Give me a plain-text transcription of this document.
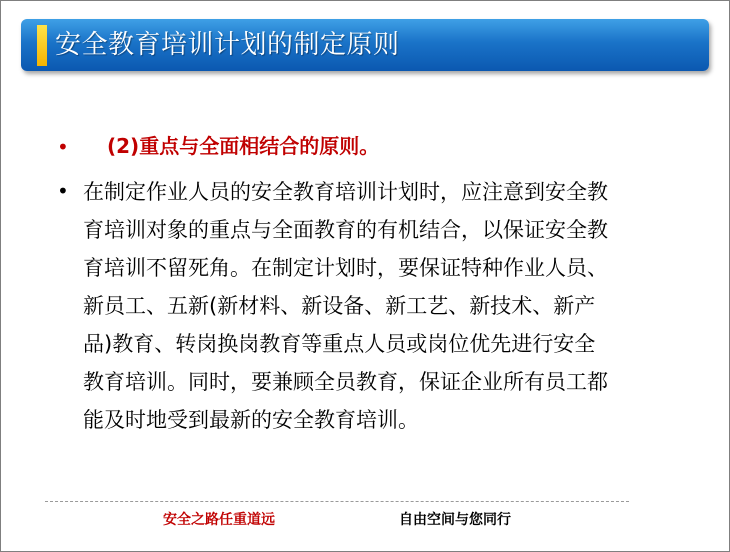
安全教育培训计划的制定原则
• (2)重点与全面相结合的原则。
• 在制定作业人员的安全教育培训计划时，应注意到安全教
育培训对象的重点与全面教育的有机结合，以保证安全教
育培训不留死角。在制定计划时，要保证特种作业人员、
新员工、五新(新材料、新设备、新工艺、新技术、新产
品)教育、转岗换岗教育等重点人员或岗位优先进行安全
教育培训。同时，要兼顾全员教育，保证企业所有员工都
能及时地受到最新的安全教育培训。
安全之路任重道远	自由空间与您同行
